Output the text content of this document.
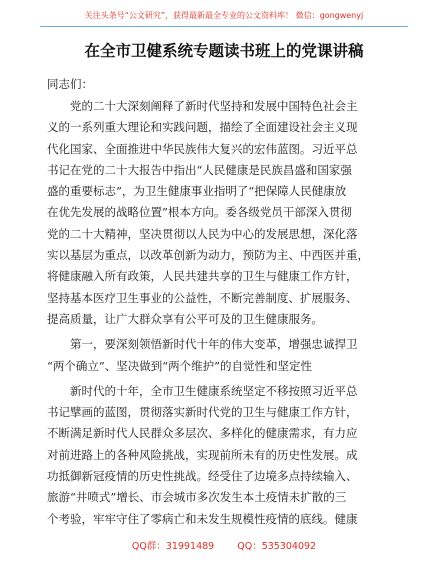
关注头条号“公文研究”，获得最新最全专业的公文资料库！ 微信：gongwenyj
在全市卫健系统专题读书班上的党课讲稿
同志们：
党的二十大深刻阐释了新时代坚持和发展中国特色社会主
义的一系列重大理论和实践问题，描绘了全面建设社会主义现
代化国家、全面推进中华民族伟大复兴的宏伟蓝图。习近平总
书记在党的二十大报告中指出“人民健康是民族昌盛和国家强
盛的重要标志”，为卫生健康事业指明了“把保障人民健康放
在优先发展的战略位置”根本方向。委各级党员干部深入贯彻
党的二十大精神，坚决贯彻以人民为中心的发展思想，深化落
实以基层为重点，以改革创新为动力，预防为主、中西医并重，
将健康融入所有政策，人民共建共享的卫生与健康工作方针，
坚持基本医疗卫生事业的公益性，不断完善制度、扩展服务、
提高质量，让广大群众享有公平可及的卫生健康服务。
第一，要深刻领悟新时代十年的伟大变革，增强忠诚捍卫
“两个确立”、坚决做到“两个维护”的自觉性和坚定性
新时代的十年，全市卫生健康系统坚定不移按照习近平总
书记擘画的蓝图，贯彻落实新时代党的卫生与健康工作方针，
不断满足新时代人民群众多层次、多样化的健康需求，有力应
对前进路上的各种风险挑战，实现前所未有的历史性发展。成
功抵御新冠疫情的历史性挑战。经受住了边境多点持续输入、
旅游“井喷式”增长、市会城市多次发生本土疫情未扩散的三
个考验，牢牢守住了零病亡和未发生规模性疫情的底线。健康
QQ群：31991489 QQ：535304092
